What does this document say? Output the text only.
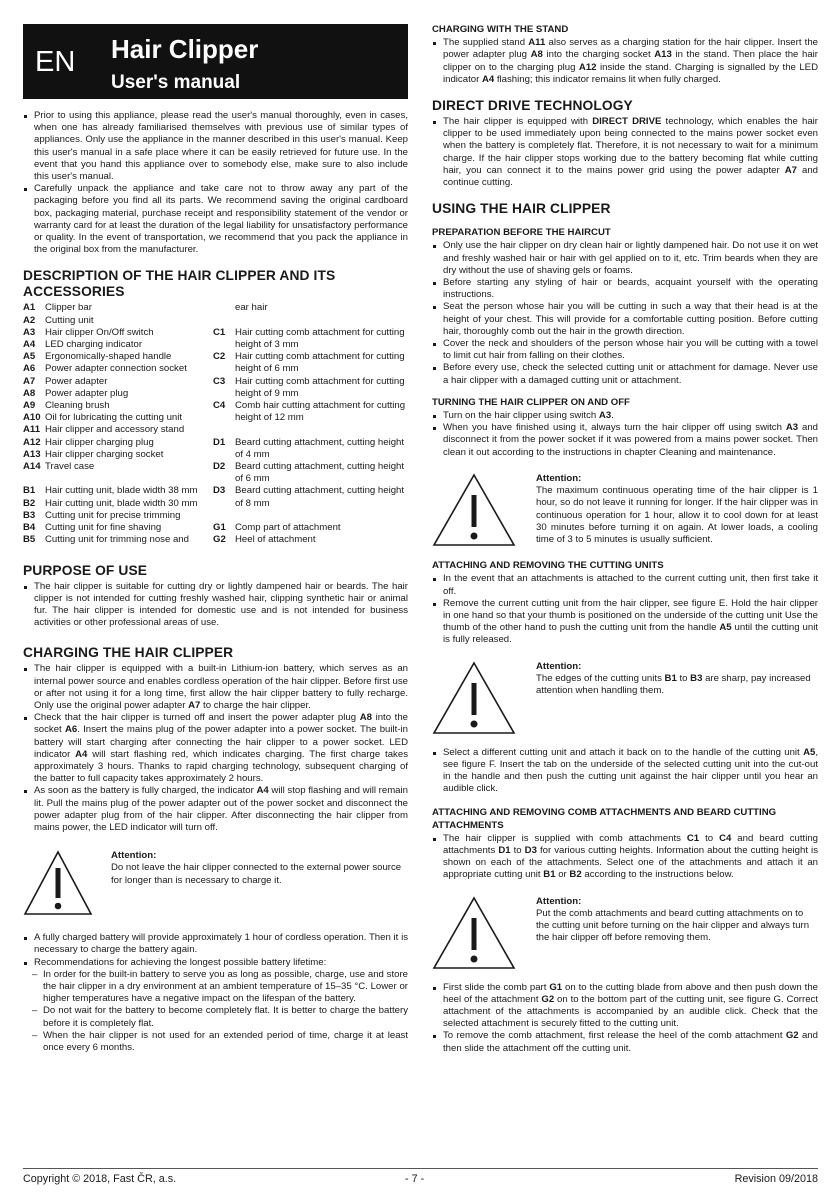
EN Hair Clipper
User's manual
Prior to using this appliance, please read the user's manual thoroughly, even in cases, when one has already familiarised themselves with previous use of similar types of appliances. Only use the appliance in the manner described in this user's manual. Keep this user's manual in a safe place where it can be easily retrieved for future use. In the event that you hand this appliance over to somebody else, make sure to also include this user's manual.
Carefully unpack the appliance and take care not to throw away any part of the packaging before you find all its parts. We recommend saving the original cardboard box, packaging material, purchase receipt and responsibility statement of the vendor or warranty card for at least the duration of the legal liability for unsatisfactory performance or quality. In the event of transportation, we recommend that you pack the appliance in the original box from the manufacturer.
DESCRIPTION OF THE HAIR CLIPPER AND ITS ACCESSORIES
A1	Clipper bar
A2	Cutting unit
A3	Hair clipper On/Off switch
A4	LED charging indicator
A5	Ergonomically-shaped handle
A6	Power adapter connection socket
A7	Power adapter
A8	Power adapter plug
A9	Cleaning brush
A10 Oil for lubricating the cutting unit
A11 Hair clipper and accessory stand
A12 Hair clipper charging plug
A13 Hair clipper charging socket
A14 Travel case

B1	Hair cutting unit, blade width 38 mm
B2	Hair cutting unit, blade width 30 mm
B3	Cutting unit for precise trimming
B4	Cutting unit for fine shaving
B5	Cutting unit for trimming nose and
ear hair

C1	Hair cutting comb attachment for cutting height of 3 mm
C2	Hair cutting comb attachment for cutting height of 6 mm
C3	Hair cutting comb attachment for cutting height of 9 mm
C4	Comb hair cutting attachment for cutting height of 12 mm

D1	Beard cutting attachment, cutting height of 4 mm
D2	Beard cutting attachment, cutting height of 6 mm
D3	Beard cutting attachment, cutting height of 8 mm

G1 Comp part of attachment
G2 Heel of attachment
PURPOSE OF USE
The hair clipper is suitable for cutting dry or lightly dampened hair or beards. The hair clipper is not intended for cutting freshly washed hair, clipping synthetic hair or animal fur. The hair clipper is intended for domestic use and is not intended for business activities or other professional areas of use.
CHARGING THE HAIR CLIPPER
The hair clipper is equipped with a built-in Lithium-ion battery, which serves as an internal power source and enables cordless operation of the hair clipper. Before first use or after not using it for a long time, first allow the hair clipper battery to fully recharge. Only use the original power adapter A7 to charge the hair clipper.
Check that the hair clipper is turned off and insert the power adapter plug A8 into the socket A6. Insert the mains plug of the power adapter into a power socket. The built-in battery will start charging after connecting the hair clipper to a power socket. LED indicator A4 will start flashing red, which indicates charging. The first charge takes approximately 3 hours. Thanks to rapid charging technology, subsequent charging of the batter to full capacity takes approximately 2 hours.
As soon as the battery is fully charged, the indicator A4 will stop flashing and will remain lit. Pull the mains plug of the power adapter out of the power socket and disconnect the power adapter plug from of the hair clipper. After disconnecting the hair clipper from mains power, the LED indicator will turn off.
Attention:
Do not leave the hair clipper connected to the external power source for longer than is necessary to charge it.
A fully charged battery will provide approximately 1 hour of cordless operation. Then it is necessary to charge the battery again.
Recommendations for achieving the longest possible battery lifetime:
– In order for the built-in battery to serve you as long as possible, charge, use and store the hair clipper in a dry environment at an ambient temperature of 15–35 °C. Lower or higher temperatures have a negative impact on the lifespan of the battery.
– Do not wait for the battery to become completely flat. It is better to charge the battery before it is completely flat.
– When the hair clipper is not used for an extended period of time, charge it at least once every 6 months.
CHARGING WITH THE STAND
The supplied stand A11 also serves as a charging station for the hair clipper. Insert the power adapter plug A8 into the charging socket A13 in the stand. Then place the hair clipper on to the charging plug A12 inside the stand. Charging is signalled by the LED indicator A4 flashing; this indicator remains lit when fully charged.
DIRECT DRIVE TECHNOLOGY
The hair clipper is equipped with DIRECT DRIVE technology, which enables the hair clipper to be used immediately upon being connected to the mains power socket even when the battery is completely flat. Therefore, it is not necessary to wait for a minimum charge. If the hair clipper stops working due to the battery becoming flat while cutting hair, you can connect it to the mains power grid using the power adapter A7 and continue cutting.
USING THE HAIR CLIPPER
PREPARATION BEFORE THE HAIRCUT
Only use the hair clipper on dry clean hair or lightly dampened hair. Do not use it on wet and freshly washed hair or hair with gel applied on to it, etc. Trim beards when they are dry without the use of shaving gels or foams.
Before starting any styling of hair or beards, acquaint yourself with the operating instructions.
Seat the person whose hair you will be cutting in such a way that their head is at the height of your chest. This will provide for a comfortable cutting position. Before cutting hair, thoroughly comb out the hair in the growth direction.
Cover the neck and shoulders of the person whose hair you will be cutting with a towel to limit cut hair from falling on their clothes.
Before every use, check the selected cutting unit or attachment for damage. Never use a hair clipper with a damaged cutting unit or attachment.
TURNING THE HAIR CLIPPER ON AND OFF
Turn on the hair clipper using switch A3.
When you have finished using it, always turn the hair clipper off using switch A3 and disconnect it from the power socket if it was powered from a mains power socket. Then clean it out according to the instructions in chapter Cleaning and maintenance.
Attention:
The maximum continuous operating time of the hair clipper is 1 hour, so do not leave it running for longer. If the hair clipper was in continuous operation for 1 hour, allow it to cool down for at least 30 minutes before turning it on again. At lower loads, a cooling time of 3 to 5 minutes is usually sufficient.
ATTACHING AND REMOVING THE CUTTING UNITS
In the event that an attachments is attached to the current cutting unit, then first take it off.
Remove the current cutting unit from the hair clipper, see figure E. Hold the hair clipper in one hand so that your thumb is positioned on the underside of the cutting unit Use the thumb of the other hand to push the cutting unit from the handle A5 until the cutting unit is fully released.
Attention:
The edges of the cutting units B1 to B3 are sharp, pay increased attention when handling them.
Select a different cutting unit and attach it back on to the handle of the cutting unit A5, see figure F. Insert the tab on the underside of the selected cutting unit into the cut-out in the handle and then push the cutting unit against the hair clipper until you hear an audible click.
ATTACHING AND REMOVING COMB ATTACHMENTS AND BEARD CUTTING ATTACHMENTS
The hair clipper is supplied with comb attachments C1 to C4 and beard cutting attachments D1 to D3 for various cutting heights. Information about the cutting height is shown on each of the attachments. Select one of the attachments and attach it an appropriate cutting unit B1 or B2 according to the instructions below.
Attention:
Put the comb attachments and beard cutting attachments on to the cutting unit before turning on the hair clipper and always turn the hair clipper off before removing them.
First slide the comb part G1 on to the cutting blade from above and then push down the heel of the attachment G2 on to the bottom part of the cutting unit, see figure G. Correct attachment of the attachments is accompanied by an audible click. Check that the selected attachment is securely fitted to the cutting unit.
To remove the comb attachment, first release the heel of the comb attachment G2 and then slide the attachment off the cutting unit.
Copyright © 2018, Fast ČR, a.s.	- 7 -	Revision 09/2018
